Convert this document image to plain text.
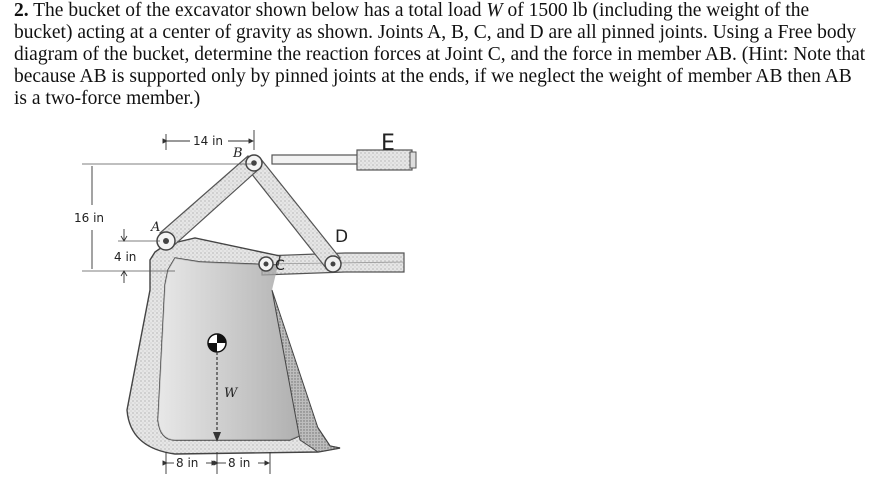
2. The bucket of the excavator shown below has a total load W of 1500 lb (including the weight of the bucket) acting at a center of gravity as shown. Joints A, B, C, and D are all pinned joints. Using a Free body diagram of the bucket, determine the reaction forces at Joint C, and the force in member AB. (Hint: Note that because AB is supported only by pinned joints at the ends, if we neglect the weight of member AB then AB is a two-force member.)

14 in
16 in
4 in
8 in 8 in
A
B
C
D
E
W
